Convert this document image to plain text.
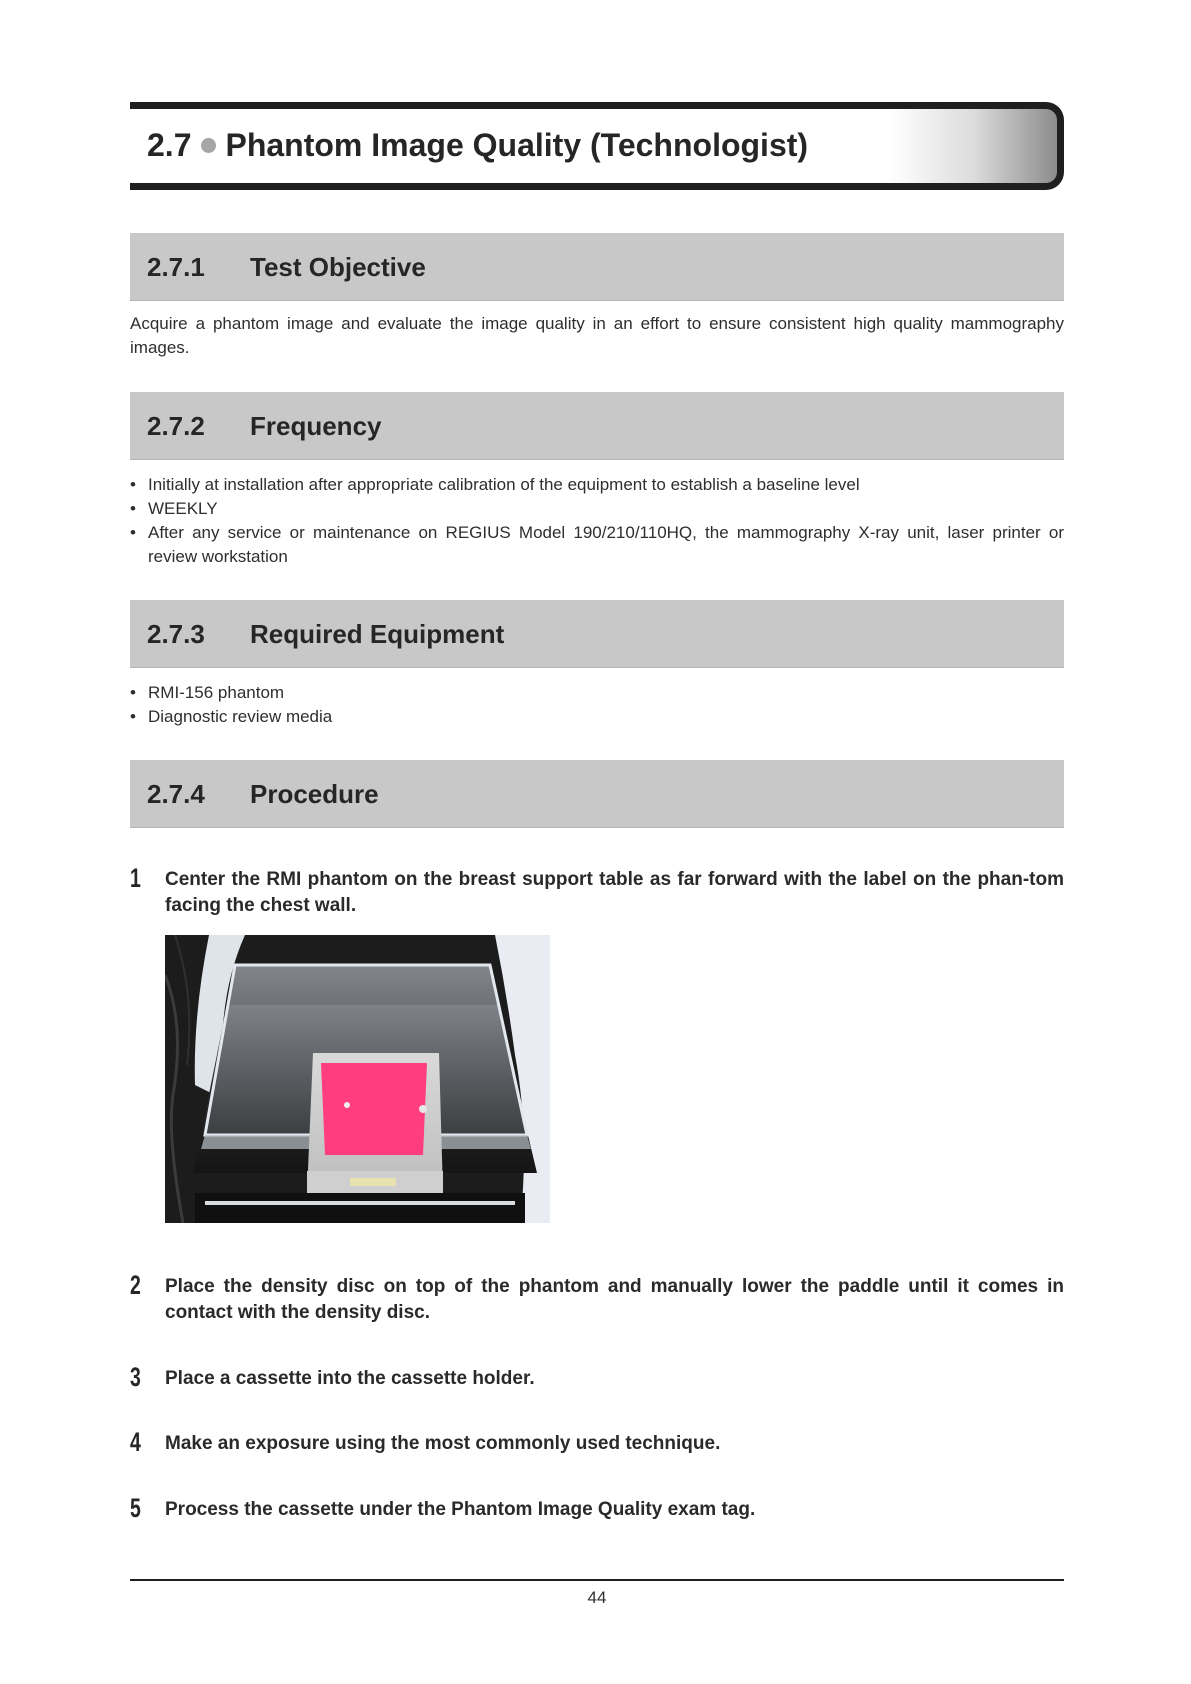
2.7 Phantom Image Quality (Technologist)
2.7.1 Test Objective
Acquire a phantom image and evaluate the image quality in an effort to ensure consistent high quality mammography images.
2.7.2 Frequency
• Initially at installation after appropriate calibration of the equipment to establish a baseline level
• WEEKLY
• After any service or maintenance on REGIUS Model 190/210/110HQ, the mammography X-ray unit, laser printer or review workstation
2.7.3 Required Equipment
• RMI-156 phantom
• Diagnostic review media
2.7.4 Procedure
1 Center the RMI phantom on the breast support table as far forward with the label on the phan-tom facing the chest wall.
2 Place the density disc on top of the phantom and manually lower the paddle until it comes in contact with the density disc.
3 Place a cassette into the cassette holder.
4 Make an exposure using the most commonly used technique.
5 Process the cassette under the Phantom Image Quality exam tag.
44
